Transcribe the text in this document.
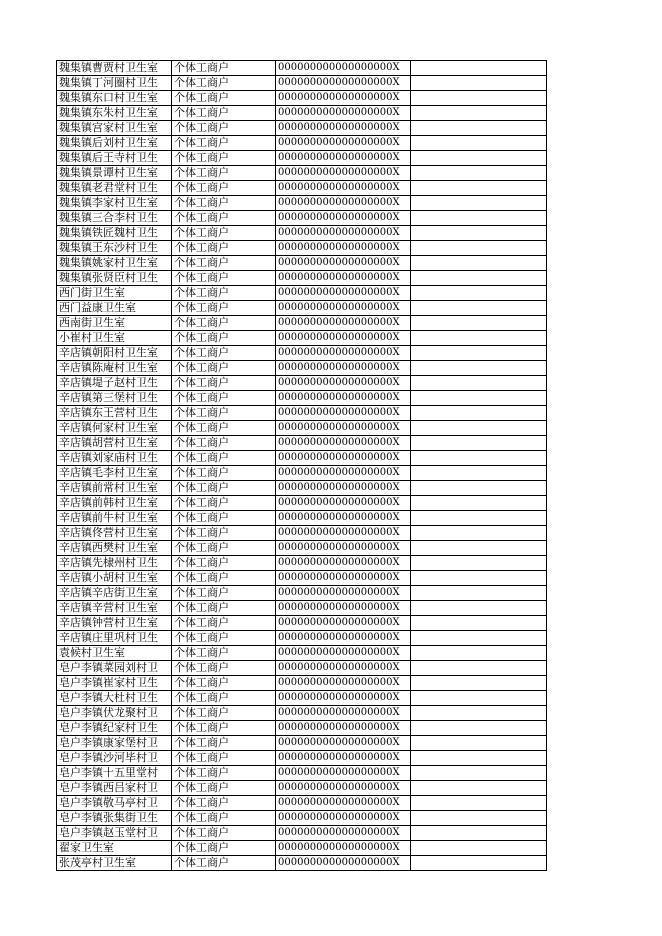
魏集镇曹贾村卫生室	个体工商户	000000000000000000X	
魏集镇丁河圈村卫生	个体工商户	000000000000000000X	
魏集镇东口村卫生室	个体工商户	000000000000000000X	
魏集镇东朱村卫生室	个体工商户	000000000000000000X	
魏集镇宫家村卫生室	个体工商户	000000000000000000X	
魏集镇后刘村卫生室	个体工商户	000000000000000000X	
魏集镇后王寺村卫生	个体工商户	000000000000000000X	
魏集镇景谭村卫生室	个体工商户	000000000000000000X	
魏集镇老君堂村卫生	个体工商户	000000000000000000X	
魏集镇李家村卫生室	个体工商户	000000000000000000X	
魏集镇三合李村卫生	个体工商户	000000000000000000X	
魏集镇铁匠魏村卫生	个体工商户	000000000000000000X	
魏集镇王东沙村卫生	个体工商户	000000000000000000X	
魏集镇姚家村卫生室	个体工商户	000000000000000000X	
魏集镇张贤臣村卫生	个体工商户	000000000000000000X	
西门街卫生室	个体工商户	000000000000000000X	
西门益康卫生室	个体工商户	000000000000000000X	
西南街卫生室	个体工商户	000000000000000000X	
小崔村卫生室	个体工商户	000000000000000000X	
辛店镇朝阳村卫生室	个体工商户	000000000000000000X	
辛店镇陈庵村卫生室	个体工商户	000000000000000000X	
辛店镇堤子赵村卫生	个体工商户	000000000000000000X	
辛店镇第三堡村卫生	个体工商户	000000000000000000X	
辛店镇东王营村卫生	个体工商户	000000000000000000X	
辛店镇何家村卫生室	个体工商户	000000000000000000X	
辛店镇胡营村卫生室	个体工商户	000000000000000000X	
辛店镇刘家庙村卫生	个体工商户	000000000000000000X	
辛店镇毛李村卫生室	个体工商户	000000000000000000X	
辛店镇前常村卫生室	个体工商户	000000000000000000X	
辛店镇前韩村卫生室	个体工商户	000000000000000000X	
辛店镇前牛村卫生室	个体工商户	000000000000000000X	
辛店镇佟营村卫生室	个体工商户	000000000000000000X	
辛店镇西樊村卫生室	个体工商户	000000000000000000X	
辛店镇先棣州村卫生	个体工商户	000000000000000000X	
辛店镇小胡村卫生室	个体工商户	000000000000000000X	
辛店镇辛店街卫生室	个体工商户	000000000000000000X	
辛店镇辛营村卫生室	个体工商户	000000000000000000X	
辛店镇钟营村卫生室	个体工商户	000000000000000000X	
辛店镇庄里巩村卫生	个体工商户	000000000000000000X	
袁候村卫生室	个体工商户	000000000000000000X	
皂户李镇菜园刘村卫	个体工商户	000000000000000000X	
皂户李镇崔家村卫生	个体工商户	000000000000000000X	
皂户李镇大杜村卫生	个体工商户	000000000000000000X	
皂户李镇伏龙聚村卫	个体工商户	000000000000000000X	
皂户李镇纪家村卫生	个体工商户	000000000000000000X	
皂户李镇康家堡村卫	个体工商户	000000000000000000X	
皂户李镇沙河毕村卫	个体工商户	000000000000000000X	
皂户李镇十五里堂村	个体工商户	000000000000000000X	
皂户李镇西吕家村卫	个体工商户	000000000000000000X	
皂户李镇敬马亭村卫	个体工商户	000000000000000000X	
皂户李镇张集街卫生	个体工商户	000000000000000000X	
皂户李镇赵玉堂村卫	个体工商户	000000000000000000X	
翟家卫生室	个体工商户	000000000000000000X	
张茂亭村卫生室	个体工商户	000000000000000000X	
